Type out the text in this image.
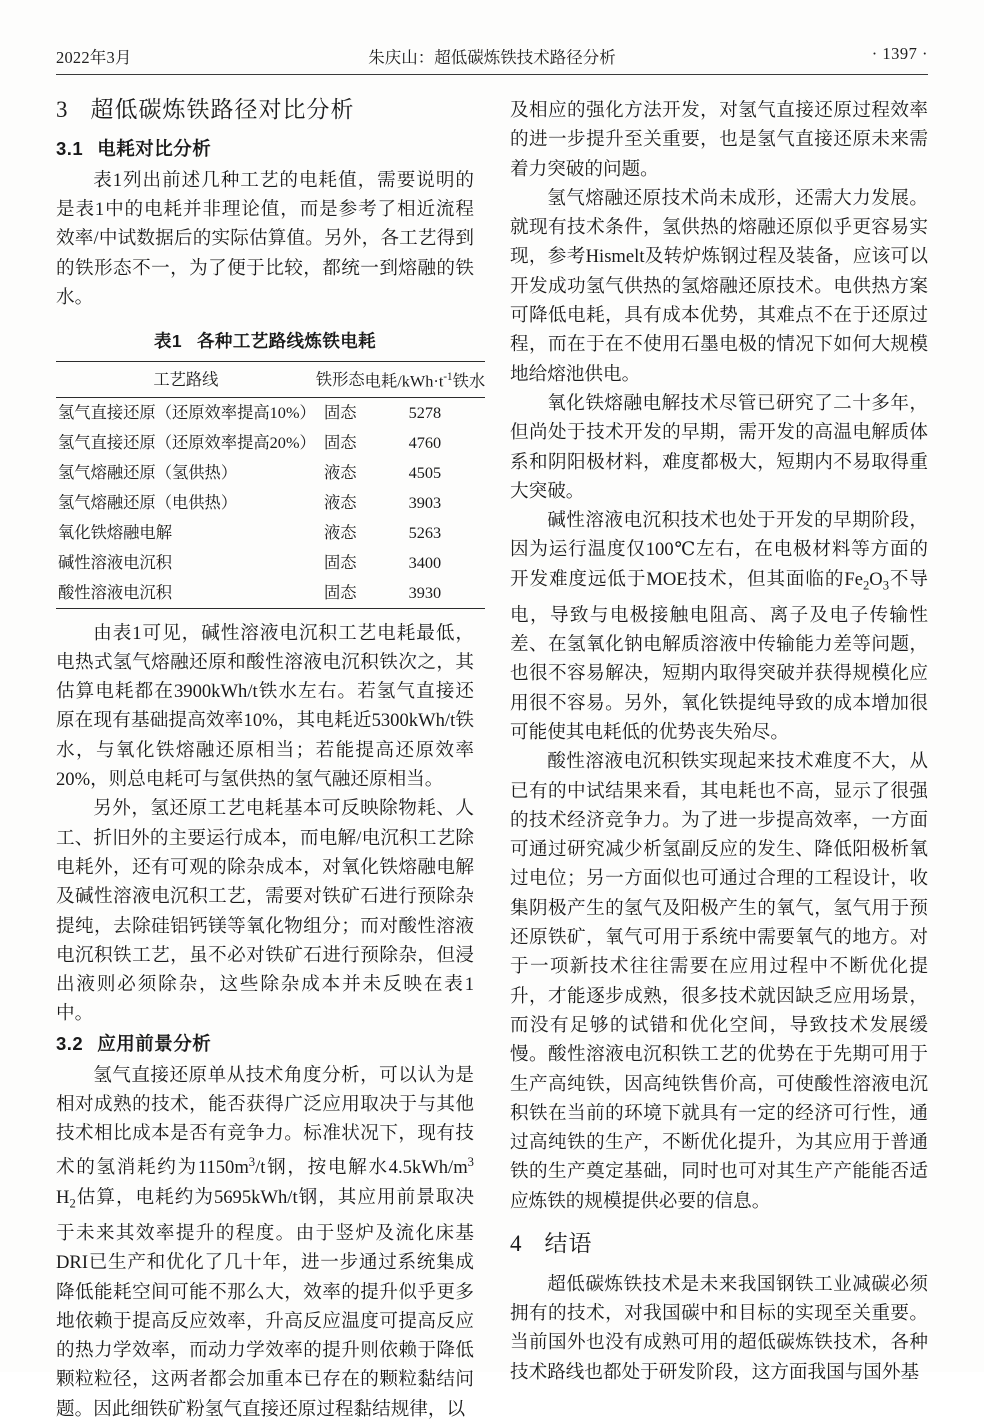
2022年3月	朱庆山：超低碳炼铁技术路径分析	· 1397 ·
3 超低碳炼铁路径对比分析
3.1 电耗对比分析

表1列出前述几种工艺的电耗值，需要说明的是表1中的电耗并非理论值，而是参考了相近流程效率/中试数据后的实际估算值。另外，各工艺得到的铁形态不一，为了便于比较，都统一到熔融的铁水。

表1 各种工艺路线炼铁电耗
工艺路线	铁形态	电耗$/kWh\cdot t^{-1}$铁水
氢气直接还原（还原效率提高10%）	固态	5278
氢气直接还原（还原效率提高20%）	固态	4760
氢气熔融还原（氢供热）	液态	4505
氢气熔融还原（电供热）	液态	3903
氧化铁熔融电解	液态	5263
碱性溶液电沉积	固态	3400
酸性溶液电沉积	固态	3930

由表1可见，碱性溶液电沉积工艺电耗最低，电热式氢气熔融还原和酸性溶液电沉积铁次之，其估算电耗都在3900kWh/t铁水左右。若氢气直接还原在现有基础提高效率10%，其电耗近5300kWh/t铁水，与氧化铁熔融还原相当；若能提高还原效率20%，则总电耗可与氢供热的氢气融还原相当。

另外，氢还原工艺电耗基本可反映除物耗、人工、折旧外的主要运行成本，而电解/电沉积工艺除电耗外，还有可观的除杂成本，对氧化铁熔融电解及碱性溶液电沉积工艺，需要对铁矿石进行预除杂提纯，去除硅铝钙镁等氧化物组分；而对酸性溶液电沉积铁工艺，虽不必对铁矿石进行预除杂，但浸出液则必须除杂，这些除杂成本并未反映在表1中。

3.2 应用前景分析

氢气直接还原单从技术角度分析，可以认为是相对成熟的技术，能否获得广泛应用取决于与其他技术相比成本是否有竞争力。标准状况下，现有技术的氢消耗约为$1150m^3/t$钢，按电解水$4.5kWh/m^3$ $H_2$估算，电耗约为5695kWh/t钢，其应用前景取决于未来其效率提升的程度。由于竖炉及流化床基DRI已生产和优化了几十年，进一步通过系统集成降低能耗空间可能不那么大，效率的提升似乎更多地依赖于提高反应效率，升高反应温度可提高反应的热力学效率，而动力学效率的提升则依赖于降低颗粒粒径，这两者都会加重本已存在的颗粒黏结问题。因此细铁矿粉氢气直接还原过程黏结规律，以

及相应的强化方法开发，对氢气直接还原过程效率的进一步提升至关重要，也是氢气直接还原未来需着力突破的问题。

氢气熔融还原技术尚未成形，还需大力发展。就现有技术条件，氢供热的熔融还原似乎更容易实现，参考Hismelt及转炉炼钢过程及装备，应该可以开发成功氢气供热的氢熔融还原技术。电供热方案可降低电耗，具有成本优势，其难点不在于还原过程，而在于在不使用石墨电极的情况下如何大规模地给熔池供电。

氧化铁熔融电解技术尽管已研究了二十多年，但尚处于技术开发的早期，需开发的高温电解质体系和阴阳极材料，难度都极大，短期内不易取得重大突破。

碱性溶液电沉积技术也处于开发的早期阶段，因为运行温度仅100℃左右，在电极材料等方面的开发难度远低于MOE技术，但其面临的$Fe_2O_3$不导电，导致与电极接触电阻高、离子及电子传输性差、在氢氧化钠电解质溶液中传输能力差等问题，也很不容易解决，短期内取得突破并获得规模化应用很不容易。另外，氧化铁提纯导致的成本增加很可能使其电耗低的优势丧失殆尽。

酸性溶液电沉积铁实现起来技术难度不大，从已有的中试结果来看，其电耗也不高，显示了很强的技术经济竞争力。为了进一步提高效率，一方面可通过研究减少析氢副反应的发生、降低阳极析氧过电位；另一方面似也可通过合理的工程设计，收集阴极产生的氢气及阳极产生的氧气，氢气用于预还原铁矿，氧气可用于系统中需要氧气的地方。对于一项新技术往往需要在应用过程中不断优化提升，才能逐步成熟，很多技术就因缺乏应用场景，而没有足够的试错和优化空间，导致技术发展缓慢。酸性溶液电沉积铁工艺的优势在于先期可用于生产高纯铁，因高纯铁售价高，可使酸性溶液电沉积铁在当前的环境下就具有一定的经济可行性，通过高纯铁的生产，不断优化提升，为其应用于普通铁的生产奠定基础，同时也可对其生产产能能否适应炼铁的规模提供必要的信息。

4 结语

超低碳炼铁技术是未来我国钢铁工业减碳必须拥有的技术，对我国碳中和目标的实现至关重要。当前国外也没有成熟可用的超低碳炼铁技术，各种技术路线也都处于研发阶段，这方面我国与国外基
